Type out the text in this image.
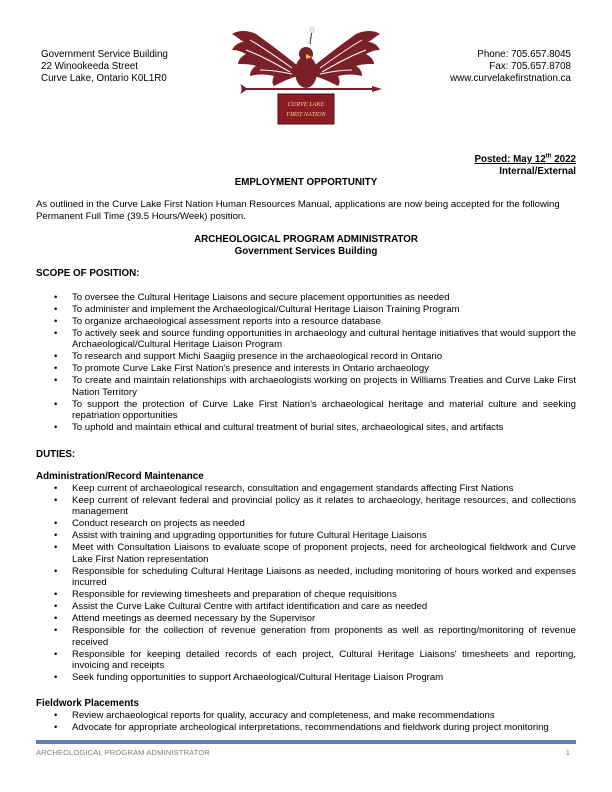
Government Service Building
22 Winookeeda Street
Curve Lake, Ontario K0L1R0
CURVE LAKE
FIRST NATION
Phone: 705.657.8045
Fax: 705.657.8708
www.curvelakefirstnation.ca
Posted: May 12th 2022
Internal/External
EMPLOYMENT OPPORTUNITY
As outlined in the Curve Lake First Nation Human Resources Manual, applications are now being accepted for the following Permanent Full Time (39.5 Hours/Week) position.
ARCHEOLOGICAL PROGRAM ADMINISTRATOR
Government Services Building
SCOPE OF POSITION:
• To oversee the Cultural Heritage Liaisons and secure placement opportunities as needed
• To administer and implement the Archaeological/Cultural Heritage Liaison Training Program
• To organize archaeological assessment reports into a resource database
• To actively seek and source funding opportunities in archaeology and cultural heritage initiatives that would support the Archaeological/Cultural Heritage Liaison Program
• To research and support Michi Saagiig presence in the archaeological record in Ontario
• To promote Curve Lake First Nation's presence and interests in Ontario archaeology
• To create and maintain relationships with archaeologists working on projects in Williams Treaties and Curve Lake First Nation Territory
• To support the protection of Curve Lake First Nation's archaeological heritage and material culture and seeking repatriation opportunities
• To uphold and maintain ethical and cultural treatment of burial sites, archaeological sites, and artifacts
DUTIES:
Administration/Record Maintenance
• Keep current of archaeological research, consultation and engagement standards affecting First Nations
• Keep current of relevant federal and provincial policy as it relates to archaeology, heritage resources, and collections management
• Conduct research on projects as needed
• Assist with training and upgrading opportunities for future Cultural Heritage Liaisons
• Meet with Consultation Liaisons to evaluate scope of proponent projects, need for archeological fieldwork and Curve Lake First Nation representation
• Responsible for scheduling Cultural Heritage Liaisons as needed, including monitoring of hours worked and expenses incurred
• Responsible for reviewing timesheets and preparation of cheque requisitions
• Assist the Curve Lake Cultural Centre with artifact identification and care as needed
• Attend meetings as deemed necessary by the Supervisor
• Responsible for the collection of revenue generation from proponents as well as reporting/monitoring of revenue received
• Responsible for keeping detailed records of each project, Cultural Heritage Liaisons' timesheets and reporting, invoicing and receipts
• Seek funding opportunities to support Archaeological/Cultural Heritage Liaison Program
Fieldwork Placements
• Review archaeological reports for quality, accuracy and completeness, and make recommendations
• Advocate for appropriate archeological interpretations, recommendations and fieldwork during project monitoring
ARCHEOLOGICAL PROGRAM ADMINISTRATOR	1
